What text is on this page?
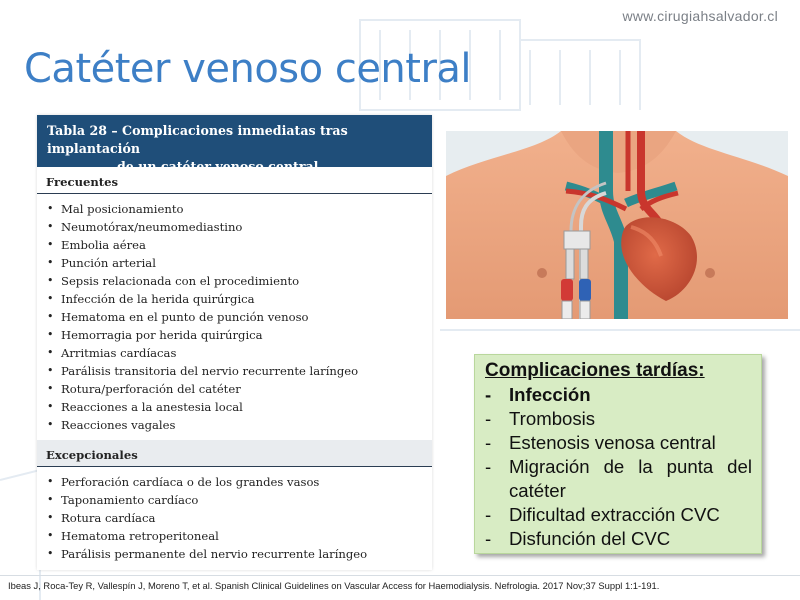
www.cirugiahsalvador.cl
Catéter venoso central
Tabla 28 – Complicaciones inmediatas tras implantación
de un catéter venoso central
Frecuentes
• Mal posicionamiento
• Neumotórax/neumomediastino
• Embolia aérea
• Punción arterial
• Sepsis relacionada con el procedimiento
• Infección de la herida quirúrgica
• Hematoma en el punto de punción venoso
• Hemorragia por herida quirúrgica
• Arritmias cardíacas
• Parálisis transitoria del nervio recurrente laríngeo
• Rotura/perforación del catéter
• Reacciones a la anestesia local
• Reacciones vagales
Excepcionales
• Perforación cardíaca o de los grandes vasos
• Taponamiento cardíaco
• Rotura cardíaca
• Hematoma retroperitoneal
• Parálisis permanente del nervio recurrente laríngeo
Complicaciones tardías:
- Infección
- Trombosis
- Estenosis venosa central
- Migración de la punta del catéter
- Dificultad extracción CVC
- Disfunción del CVC
Ibeas J, Roca-Tey R, Vallespín J, Moreno T, et al. Spanish Clinical Guidelines on Vascular Access for Haemodialysis. Nefrologia. 2017 Nov;37 Suppl 1:1-191.
